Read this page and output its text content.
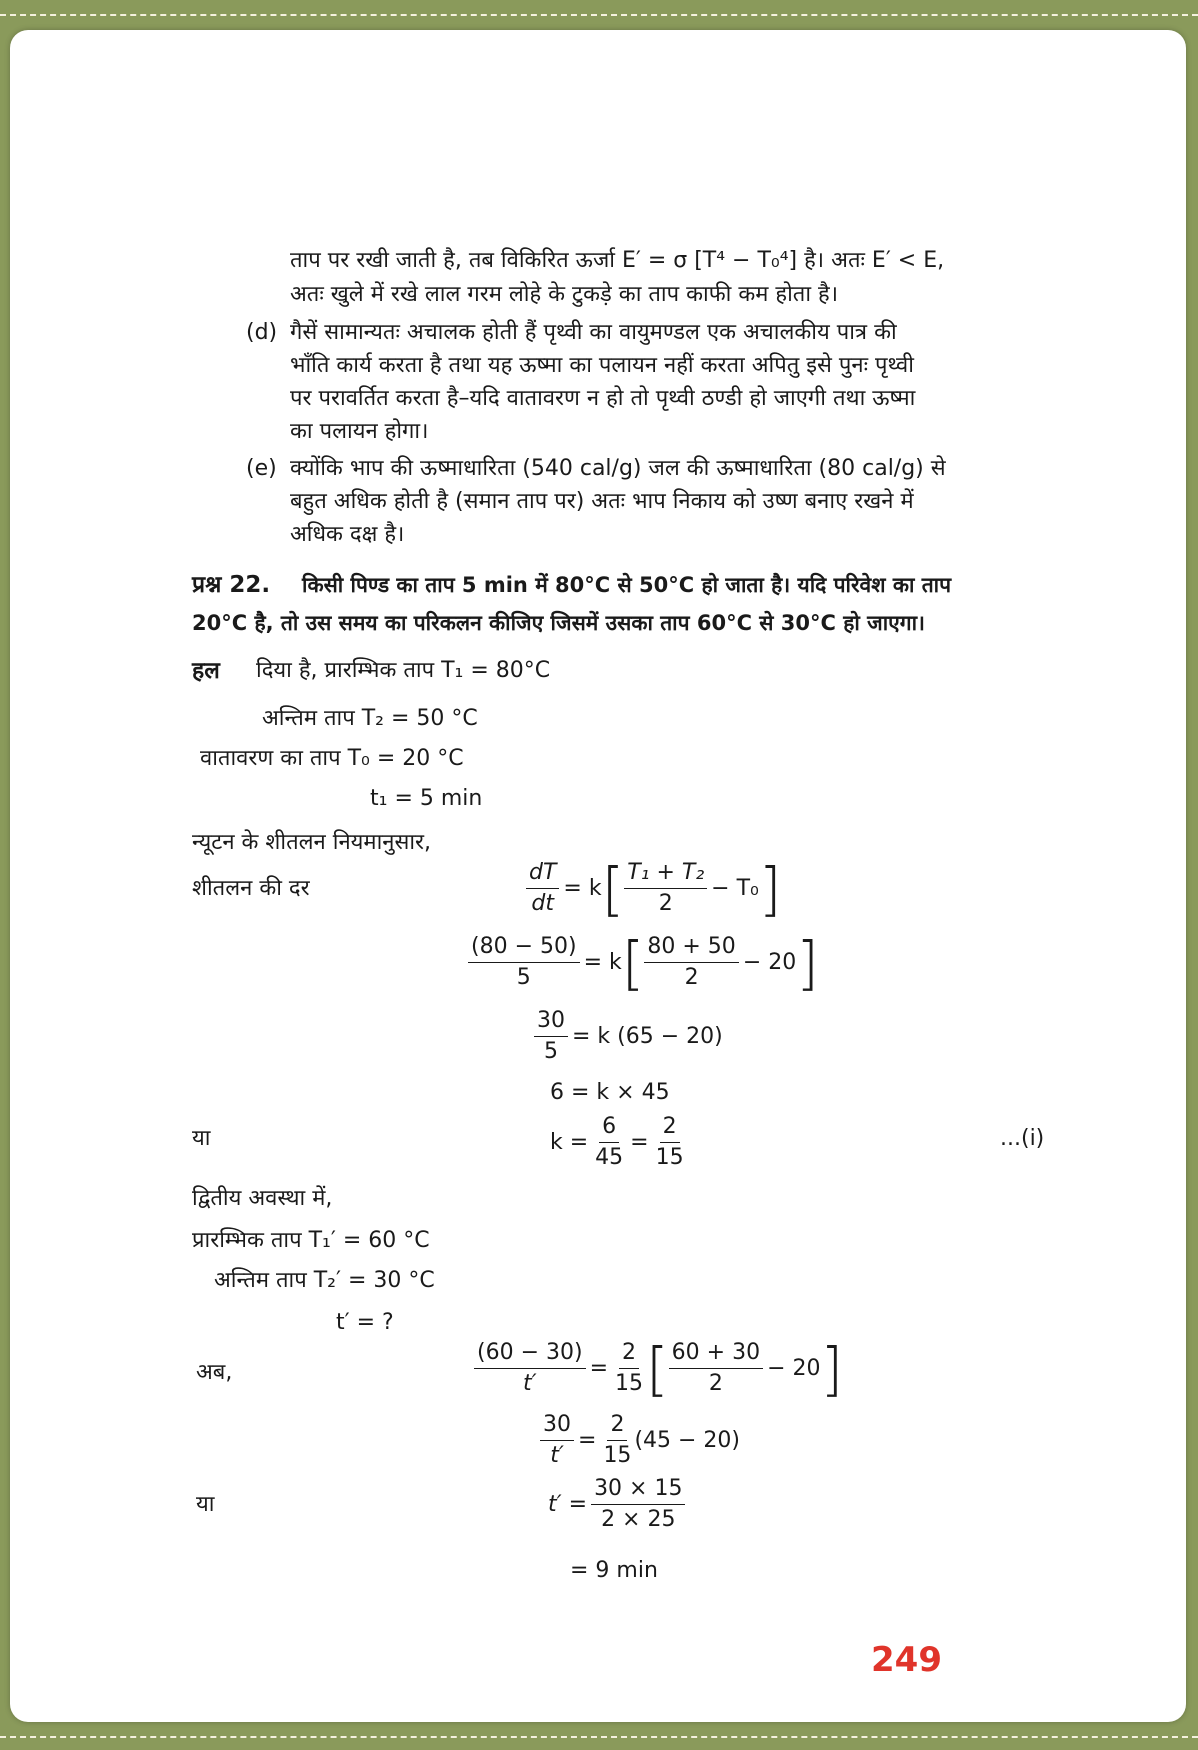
ताप पर रखी जाती है, तब विकिरित ऊर्जा E′ = σ [T⁴ − T₀⁴] है। अतः E′ < E,
अतः खुले में रखे लाल गरम लोहे के टुकड़े का ताप काफी कम होता है।
(d) गैसें सामान्यतः अचालक होती हैं पृथ्वी का वायुमण्डल एक अचालकीय पात्र की
भाँति कार्य करता है तथा यह ऊष्मा का पलायन नहीं करता अपितु इसे पुनः पृथ्वी
पर परावर्तित करता है–यदि वातावरण न हो तो पृथ्वी ठण्डी हो जाएगी तथा ऊष्मा
का पलायन होगा।
(e) क्योंकि भाप की ऊष्माधारिता (540 cal/g) जल की ऊष्माधारिता (80 cal/g) से
बहुत अधिक होती है (समान ताप पर) अतः भाप निकाय को उष्ण बनाए रखने में
अधिक दक्ष है।
प्रश्न 22. किसी पिण्ड का ताप 5 min में 80°C से 50°C हो जाता है। यदि परिवेश का ताप
20°C है, तो उस समय का परिकलन कीजिए जिसमें उसका ताप 60°C से 30°C हो जाएगा।
हल दिया है, प्रारम्भिक ताप T₁ = 80°C
अन्तिम ताप T₂ = 50 °C
वातावरण का ताप T₀ = 20 °C
t₁ = 5 min
न्यूटन के शीतलन नियमानुसार,
शीतलन की दर	$\frac{dT}{dt} = k$ [ $\frac{\text{T₁ + T₂}}{2} - T_0$ ]
$\frac{(80 - 50)}{5} = k$ [ $\frac{80 + 50}{2} - 20$ ]
$\frac{30}{5} = k$ (65 − 20)
6 = k × 45
या	$k = \frac{6}{45} = \frac{2}{15}$	...(i)
द्वितीय अवस्था में,
प्रारम्भिक ताप T₁′ = 60 °C
अन्तिम ताप T₂′ = 30 °C
t′ = ?
अब,	$\frac{(60 - 30)}{t'} = \frac{2}{15}$ [ $\frac{60 + 30}{2} - 20$ ]
$\frac{30}{t'} = \frac{2}{15} (45 - 20)$
या	$t' = \frac{30 \times 15}{2 \times 25}$
= 9 min
249
